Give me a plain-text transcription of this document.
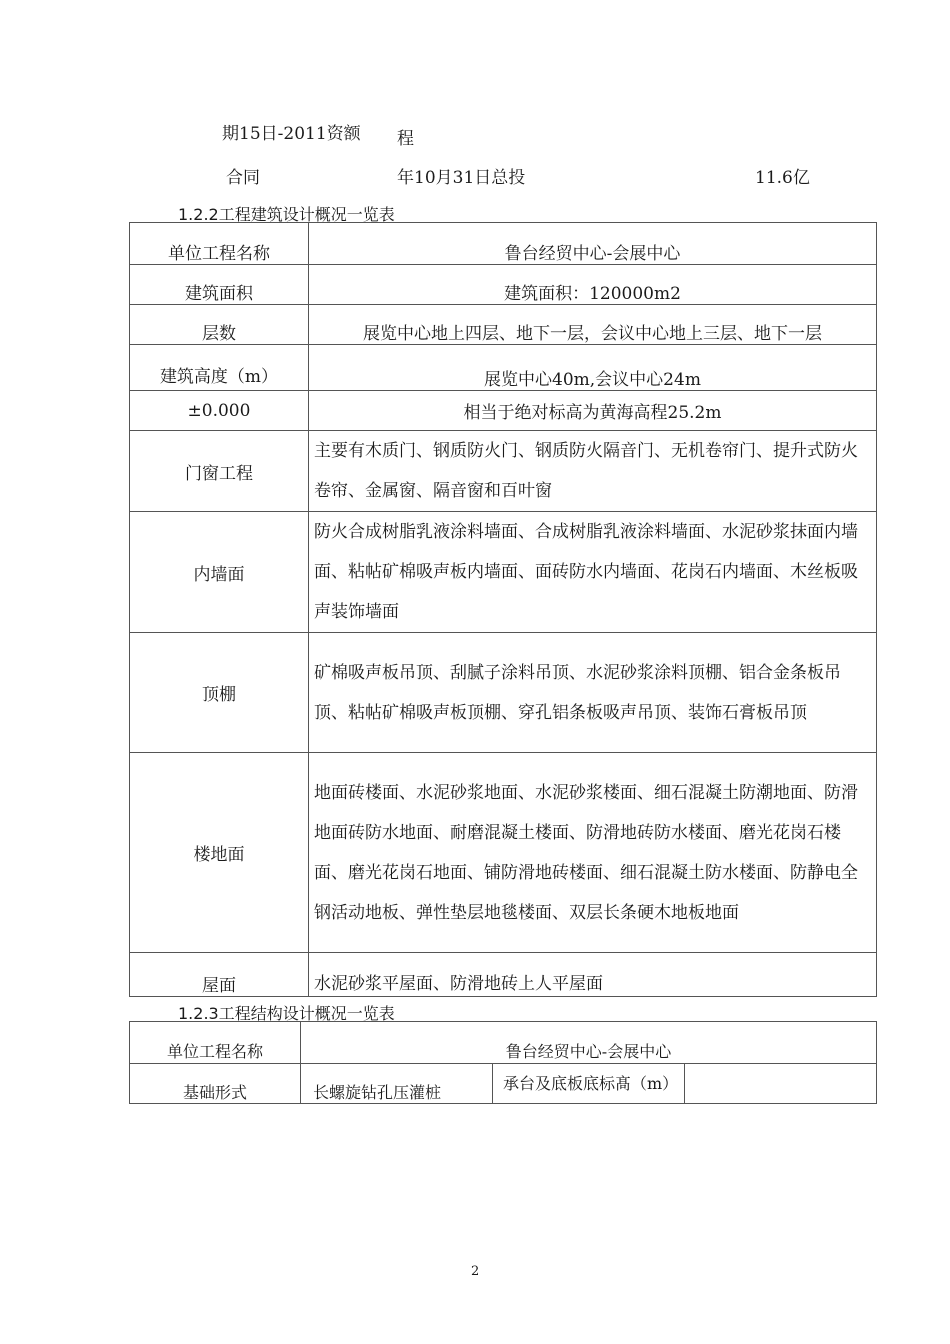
期15日-2011资额 程
合同	年10月31日总投	11.6亿
1.2.2工程建筑设计概况一览表
单位工程名称	鲁台经贸中心-会展中心
建筑面积	建筑面积：120000m2
层数	展览中心地上四层、地下一层，会议中心地上三层、地下一层
建筑高度（m）	展览中心40m,会议中心24m
±0.000	相当于绝对标高为黄海高程25.2m
门窗工程	主要有木质门、钢质防火门、钢质防火隔音门、无机卷帘门、提升式防火卷帘、金属窗、隔音窗和百叶窗
内墙面	防火合成树脂乳液涂料墙面、合成树脂乳液涂料墙面、水泥砂浆抹面内墙面、粘帖矿棉吸声板内墙面、面砖防水内墙面、花岗石内墙面、木丝板吸声装饰墙面
顶棚	矿棉吸声板吊顶、刮腻子涂料吊顶、水泥砂浆涂料顶棚、铝合金条板吊顶、粘帖矿棉吸声板顶棚、穿孔铝条板吸声吊顶、装饰石膏板吊顶
楼地面	地面砖楼面、水泥砂浆地面、水泥砂浆楼面、细石混凝土防潮地面、防滑地面砖防水地面、耐磨混凝土楼面、防滑地砖防水楼面、磨光花岗石楼面、磨光花岗石地面、铺防滑地砖楼面、细石混凝土防水楼面、防静电全钢活动地板、弹性垫层地毯楼面、双层长条硬木地板地面
屋面	水泥砂浆平屋面、防滑地砖上人平屋面
1.2.3工程结构设计概况一览表
单位工程名称	鲁台经贸中心-会展中心		
基础形式	长螺旋钻孔压灌桩	承台及底板底标髙（m）	
2
